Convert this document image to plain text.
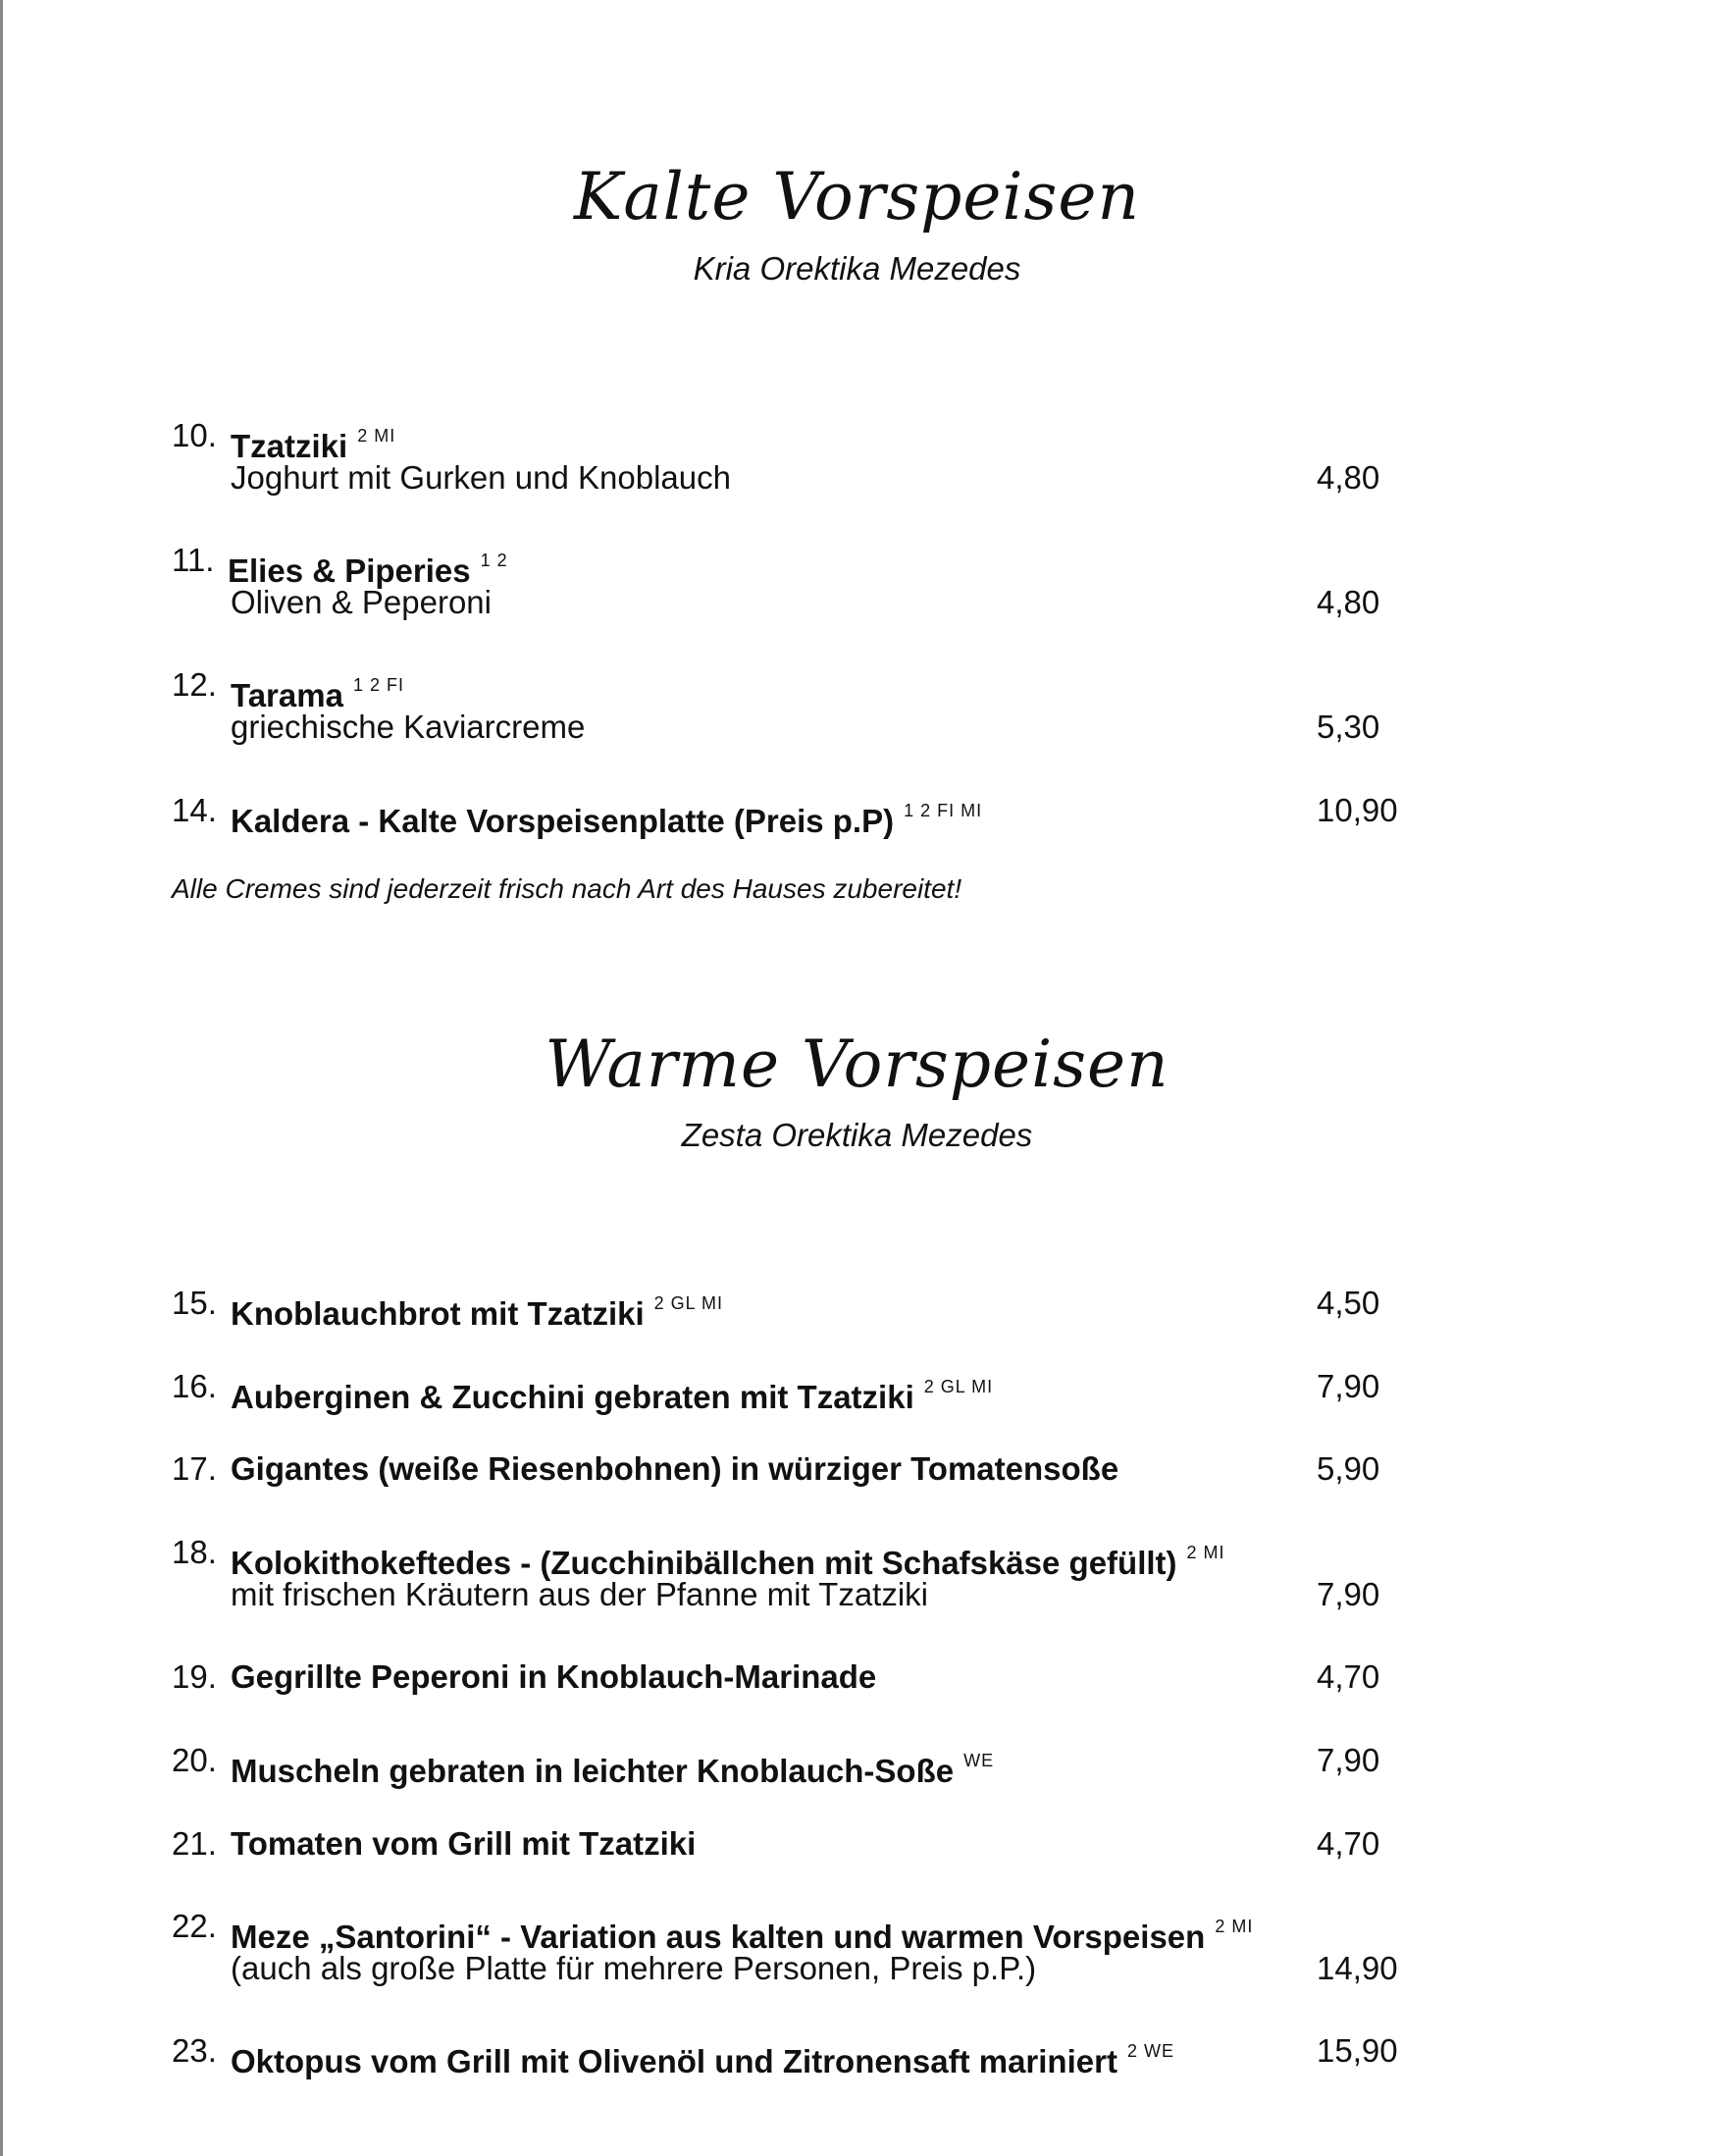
Kalte Vorspeisen
Kria Orektika Mezedes
10. Tzatziki $^{2 MI}$
Joghurt mit Gurken und Knoblauch	4,80
11. Elies & Piperies $^{1 2}$
Oliven & Peperoni	4,80
12. Tarama $^{1 2 FI}$
griechische Kaviarcreme	5,30
14. Kaldera - Kalte Vorspeisenplatte (Preis p.P) $^{1 2 FI MI}$	10,90
Alle Cremes sind jederzeit frisch nach Art des Hauses zubereitet!
Warme Vorspeisen
Zesta Orektika Mezedes
15. Knoblauchbrot mit Tzatziki $^{2 GL MI}$	4,50
16. Auberginen & Zucchini gebraten mit Tzatziki $^{2 GL MI}$	7,90
17. Gigantes (weiße Riesenbohnen) in würziger Tomatensoße	5,90
18. Kolokithokeftedes - (Zucchinibällchen mit Schafskäse gefüllt) $^{2 MI}$
mit frischen Kräutern aus der Pfanne mit Tzatziki	7,90
19. Gegrillte Peperoni in Knoblauch-Marinade	4,70
20. Muscheln gebraten in leichter Knoblauch-Soße $^{WE}$	7,90
21. Tomaten vom Grill mit Tzatziki	4,70
22. Meze „Santorini“ - Variation aus kalten und warmen Vorspeisen $^{2 MI}$
(auch als große Platte für mehrere Personen, Preis p.P.)	14,90
23. Oktopus vom Grill mit Olivenöl und Zitronensaft mariniert $^{2 WE}$	15,90
